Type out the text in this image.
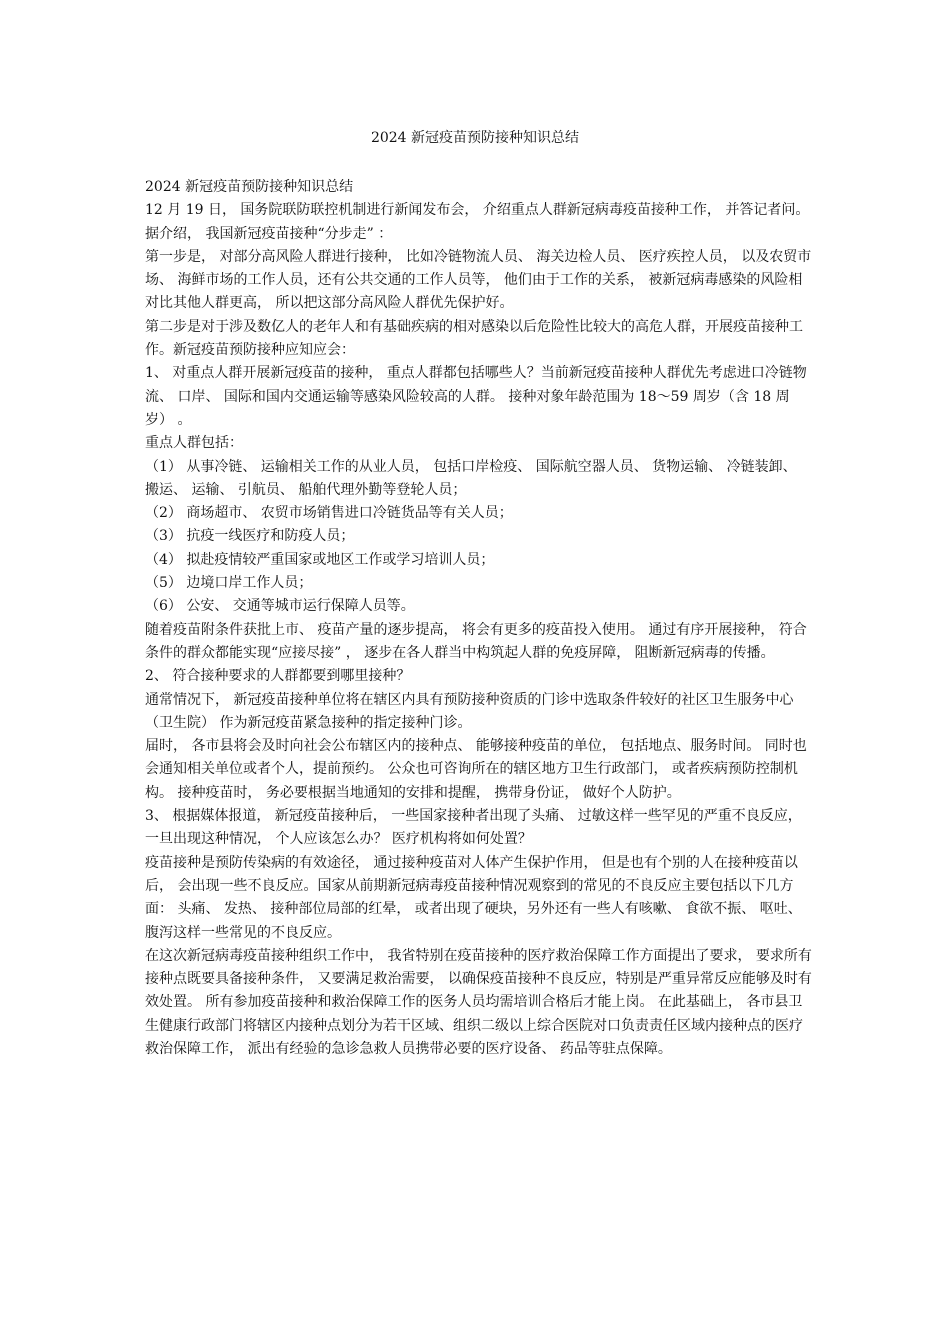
2024 新冠疫苗预防接种知识总结

2024 新冠疫苗预防接种知识总结

12 月 19 日， 国务院联防联控机制进行新闻发布会， 介绍重点人群新冠病毒疫苗接种工作， 并答记者问。

据介绍， 我国新冠疫苗接种“分步走” ：

第一步是， 对部分高风险人群进行接种， 比如冷链物流人员、 海关边检人员、 医疗疾控人员， 以及农贸市场、 海鲜市场的工作人员，还有公共交通的工作人员等， 他们由于工作的关系， 被新冠病毒感染的风险相对比其他人群更高， 所以把这部分高风险人群优先保护好。

第二步是对于涉及数亿人的老年人和有基础疾病的相对感染以后危险性比较大的高危人群，开展疫苗接种工作。新冠疫苗预防接种应知应会：

1、 对重点人群开展新冠疫苗的接种， 重点人群都包括哪些人？当前新冠疫苗接种人群优先考虑进口冷链物流、 口岸、 国际和国内交通运输等感染风险较高的人群。 接种对象年龄范围为 18～59 周岁（含 18 周岁） 。

重点人群包括：

（1） 从事冷链、 运输相关工作的从业人员， 包括口岸检疫、 国际航空器人员、 货物运输、 冷链装卸、 搬运、 运输、 引航员、 船舶代理外勤等登轮人员；

（2） 商场超市、 农贸市场销售进口冷链货品等有关人员；

（3） 抗疫一线医疗和防疫人员；

（4） 拟赴疫情较严重国家或地区工作或学习培训人员；

（5） 边境口岸工作人员；

（6） 公安、 交通等城市运行保障人员等。

随着疫苗附条件获批上市、 疫苗产量的逐步提高， 将会有更多的疫苗投入使用。 通过有序开展接种， 符合条件的群众都能实现“应接尽接” ， 逐步在各人群当中构筑起人群的免疫屏障， 阻断新冠病毒的传播。

2、 符合接种要求的人群都要到哪里接种？

通常情况下， 新冠疫苗接种单位将在辖区内具有预防接种资质的门诊中选取条件较好的社区卫生服务中心（卫生院） 作为新冠疫苗紧急接种的指定接种门诊。

届时， 各市县将会及时向社会公布辖区内的接种点、 能够接种疫苗的单位， 包括地点、服务时间。 同时也会通知相关单位或者个人，提前预约。 公众也可咨询所在的辖区地方卫生行政部门， 或者疾病预防控制机构。 接种疫苗时， 务必要根据当地通知的安排和提醒， 携带身份证， 做好个人防护。

3、 根据媒体报道， 新冠疫苗接种后， 一些国家接种者出现了头痛、 过敏这样一些罕见的严重不良反应， 一旦出现这种情况， 个人应该怎么办？ 医疗机构将如何处置？

疫苗接种是预防传染病的有效途径， 通过接种疫苗对人体产生保护作用， 但是也有个别的人在接种疫苗以后， 会出现一些不良反应。国家从前期新冠病毒疫苗接种情况观察到的常见的不良反应主要包括以下几方面： 头痛、 发热、 接种部位局部的红晕， 或者出现了硬块，另外还有一些人有咳嗽、 食欲不振、 呕吐、 腹泻这样一些常见的不良反应。

在这次新冠病毒疫苗接种组织工作中， 我省特别在疫苗接种的医疗救治保障工作方面提出了要求， 要求所有接种点既要具备接种条件， 又要满足救治需要， 以确保疫苗接种不良反应，特别是严重异常反应能够及时有效处置。 所有参加疫苗接种和救治保障工作的医务人员均需培训合格后才能上岗。 在此基础上， 各市县卫生健康行政部门将辖区内接种点划分为若干区域、组织二级以上综合医院对口负责责任区域内接种点的医疗救治保障工作， 派出有经验的急诊急救人员携带必要的医疗设备、 药品等驻点保障。
